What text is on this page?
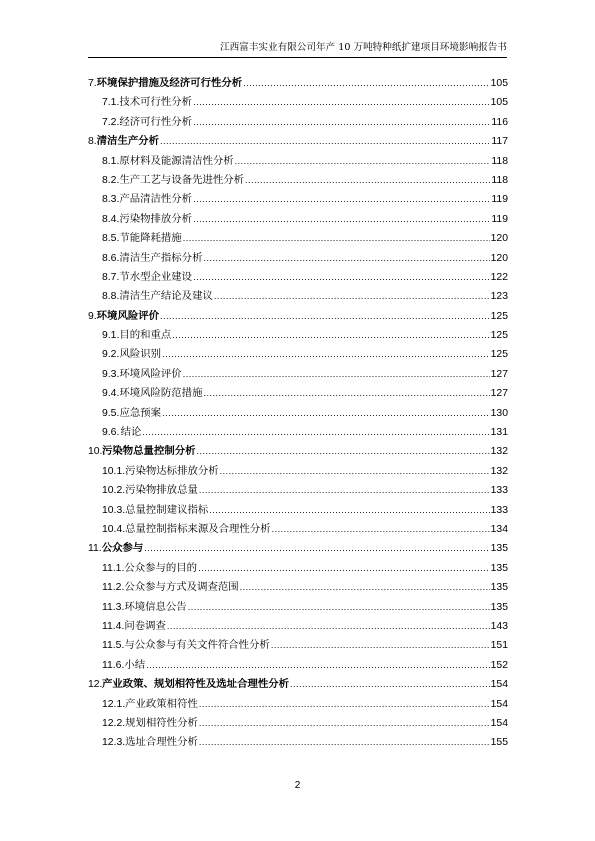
江西富丰实业有限公司年产 10 万吨特种纸扩建项目环境影响报告书
7. 环境保护措施及经济可行性分析 .....	105
7.1. 技术可行性分析 .....	105
7.2. 经济可行性分析 .....	116
8. 清洁生产分析 .....	117
8.1. 原材料及能源清洁性分析 .....	118
8.2. 生产工艺与设备先进性分析 .....	118
8.3. 产品清洁性分析 .....	119
8.4. 污染物排放分析 .....	119
8.5. 节能降耗措施 .....	120
8.6. 清洁生产指标分析 .....	120
8.7. 节水型企业建设 .....	122
8.8. 清洁生产结论及建议 .....	123
9. 环境风险评价 .....	125
9.1. 目的和重点 .....	125
9.2. 风险识别 .....	125
9.3. 环境风险评价 .....	127
9.4. 环境风险防范措施 .....	127
9.5. 应急预案 .....	130
9.6. 结论 .....	131
10. 污染物总量控制分析 .....	132
10.1. 污染物达标排放分析 .....	132
10.2. 污染物排放总量 .....	133
10.3. 总量控制建议指标 .....	133
10.4. 总量控制指标来源及合理性分析 .....	134
11. 公众参与 .....	135
11.1. 公众参与的目的 .....	135
11.2. 公众参与方式及调查范围 .....	135
11.3. 环境信息公告 .....	135
11.4. 问卷调查 .....	143
11.5. 与公众参与有关文件符合性分析 .....	151
11.6. 小结 .....	152
12. 产业政策、规划相符性及选址合理性分析 .....	154
12.1. 产业政策相符性 .....	154
12.2. 规划相符性分析 .....	154
12.3. 选址合理性分析 .....	155
2
